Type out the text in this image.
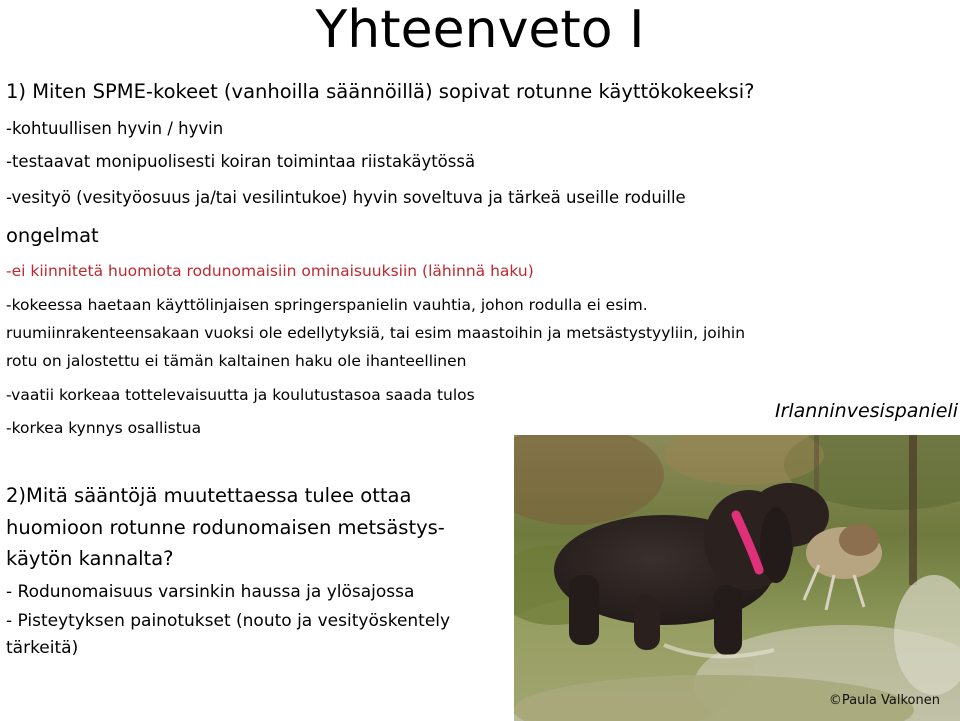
Yhteenveto I
1) Miten SPME-kokeet (vanhoilla säännöillä) sopivat rotunne käyttökokeeksi?
-kohtuullisen hyvin / hyvin
-testaavat monipuolisesti koiran toimintaa riistakäytössä
-vesityö (vesityöosuus ja/tai vesilintukoe) hyvin soveltuva ja tärkeä useille roduille
ongelmat
-ei kiinnitetä huomiota rodunomaisiin ominaisuuksiin (lähinnä haku)
-kokeessa haetaan käyttölinjaisen springerspanielin vauhtia, johon rodulla ei esim.
ruumiinrakenteensakaan vuoksi ole edellytyksiä, tai esim maastoihin ja metsästystyyliin, joihin
rotu on jalostettu ei tämän kaltainen haku ole ihanteellinen
-vaatii korkeaa tottelevaisuutta ja koulutustasoa saada tulos
-korkea kynnys osallistua
Irlanninvesispanieli
2)Mitä sääntöjä muutettaessa tulee ottaa
huomioon rotunne rodunomaisen metsästys-
käytön kannalta?
- Rodunomaisuus varsinkin haussa ja ylösajossa
- Pisteytyksen painotukset (nouto ja vesityöskentely
tärkeitä)
©Paula Valkonen
